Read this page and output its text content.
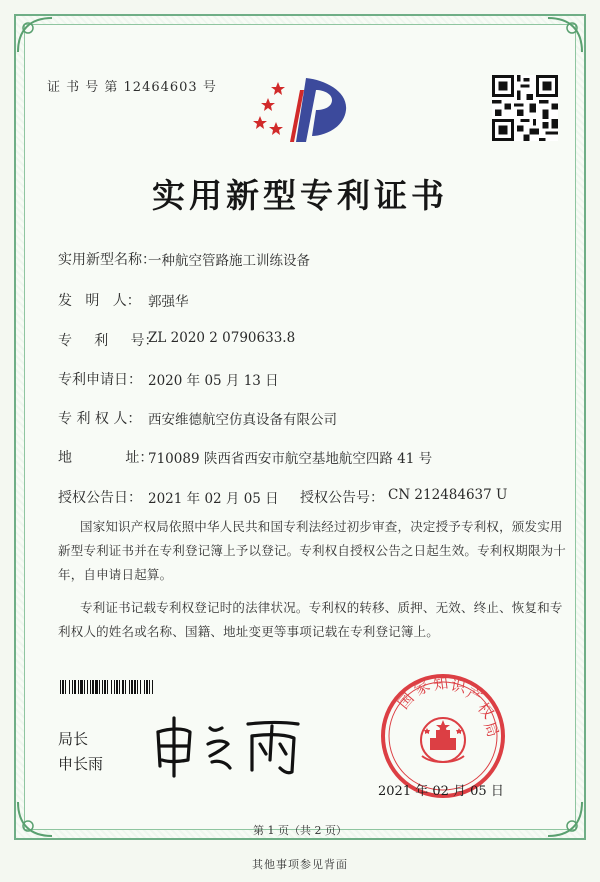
证 书 号 第 12464603 号
实用新型专利证书
实用新型名称：
一种航空管路施工训练设备
发   明   人： 郭强华
专     利     号：
ZL 2020 2 0790633.8
专利申请日： 2020 年 05 月 13 日
专 利 权 人： 西安维德航空仿真设备有限公司
地            址：
710089 陕西省西安市航空基地航空四路 41 号
授权公告日： 2021 年 02 月 05 日 授权公告号： CN 212484637 U
国家知识产权局依照中华人民共和国专利法经过初步审查，决定授予专利权，颁发实用
新型专利证书并在专利登记簿上予以登记。专利权自授权公告之日起生效。专利权期限为十
年，自申请日起算。
专利证书记载专利权登记时的法律状况。专利权的转移、质押、无效、终止、恢复和专
利权人的姓名或名称、国籍、地址变更等事项记载在专利登记簿上。
局长
申长雨
国
家 知 识
产
权
局
2021 年 02 月 05 日
第 1 页（共 2 页）
其他事项参见背面
